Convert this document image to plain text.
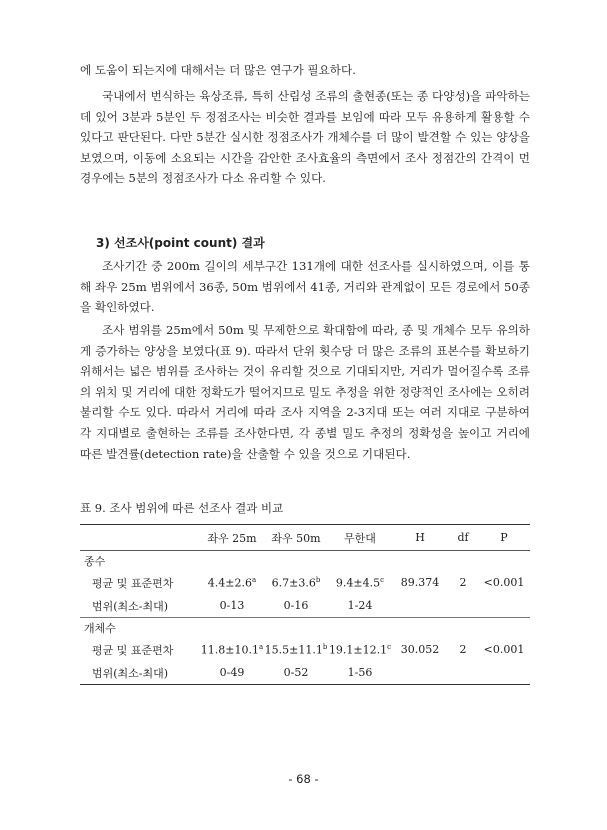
에 도움이 되는지에 대해서는 더 많은 연구가 필요하다.

국내에서 번식하는 육상조류, 특히 산림성 조류의 출현종(또는 종 다양성)을 파악하는 데 있어 3분과 5분인 두 정점조사는 비슷한 결과를 보임에 따라 모두 유용하게 활용할 수 있다고 판단된다. 다만 5분간 실시한 정점조사가 개체수를 더 많이 발견할 수 있는 양상을 보였으며, 이동에 소요되는 시간을 감안한 조사효율의 측면에서 조사 정점간의 간격이 먼 경우에는 5분의 정점조사가 다소 유리할 수 있다.

3) 선조사(point count) 결과

조사기간 중 200m 길이의 세부구간 131개에 대한 선조사를 실시하였으며, 이를 통해 좌우 25m 범위에서 36종, 50m 범위에서 41종, 거리와 관계없이 모든 경로에서 50종을 확인하였다.

조사 범위를 25m에서 50m 및 무제한으로 확대함에 따라, 종 및 개체수 모두 유의하게 증가하는 양상을 보였다(표 9). 따라서 단위 횟수당 더 많은 조류의 표본수를 확보하기 위해서는 넓은 범위를 조사하는 것이 유리할 것으로 기대되지만, 거리가 멀어질수록 조류의 위치 및 거리에 대한 정확도가 떨어지므로 밀도 추정을 위한 정량적인 조사에는 오히려 불리할 수도 있다. 따라서 거리에 따라 조사 지역을 2-3지대 또는 여러 지대로 구분하여 각 지대별로 출현하는 조류를 조사한다면, 각 종별 밀도 추정의 정확성을 높이고 거리에 따른 발견률(detection rate)을 산출할 수 있을 것으로 기대된다.

표 9. 조사 범위에 따른 선조사 결과 비교
	좌우 25m	좌우 50m	무한대	H	df	P
종수						
평균 및 표준편차	4.4±2.6$^a$	6.7±3.6$^b$	9.4±4.5$^c$	89.374	2	<0.001
범위(최소-최대)	0-13	0-16	1-24			
개체수						
평균 및 표준편차	11.8±10.1$^a$	15.5±11.1$^b$	19.1±12.1$^c$	30.052	2	<0.001
범위(최소-최대)	0-49	0-52	1-56			
- 68 -
